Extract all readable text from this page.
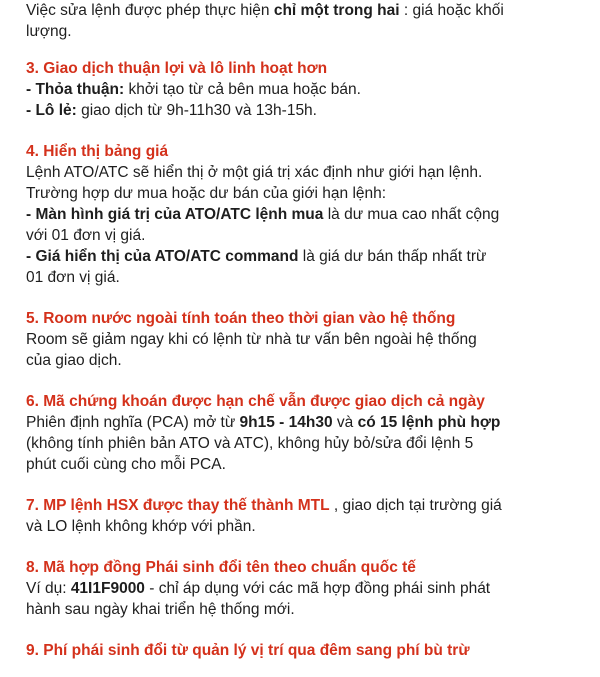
Việc sửa lệnh được phép thực hiện chỉ một trong hai : giá hoặc khối
lượng.

3. Giao dịch thuận lợi và lô linh hoạt hơn

- Thỏa thuận: khởi tạo từ cả bên mua hoặc bán.
- Lô lẻ: giao dịch từ 9h-11h30 và 13h-15h.

4. Hiển thị bảng giá

Lệnh ATO/ATC sẽ hiển thị ở một giá trị xác định như giới hạn lệnh.
Trường hợp dư mua hoặc dư bán của giới hạn lệnh:
- Màn hình giá trị của ATO/ATC lệnh mua là dư mua cao nhất cộng
với 01 đơn vị giá.
- Giá hiển thị của ATO/ATC command là giá dư bán thấp nhất trừ
01 đơn vị giá.

5. Room nước ngoài tính toán theo thời gian vào hệ thống

Room sẽ giảm ngay khi có lệnh từ nhà tư vấn bên ngoài hệ thống
của giao dịch.

6. Mã chứng khoán được hạn chế vẫn được giao dịch cả ngày

Phiên định nghĩa (PCA) mở từ 9h15 - 14h30 và có 15 lệnh phù hợp
(không tính phiên bản ATO và ATC), không hủy bỏ/sửa đổi lệnh 5
phút cuối cùng cho mỗi PCA.
7. MP lệnh HSX được thay thế thành MTL , giao dịch tại trường giá
và LO lệnh không khớp với phần.

8. Mã hợp đồng Phái sinh đổi tên theo chuẩn quốc tế

Ví dụ: 41I1F9000 - chỉ áp dụng với các mã hợp đồng phái sinh phát
hành sau ngày khai triển hệ thống mới.

9. Phí phái sinh đổi từ quản lý vị trí qua đêm sang phí bù trừ
